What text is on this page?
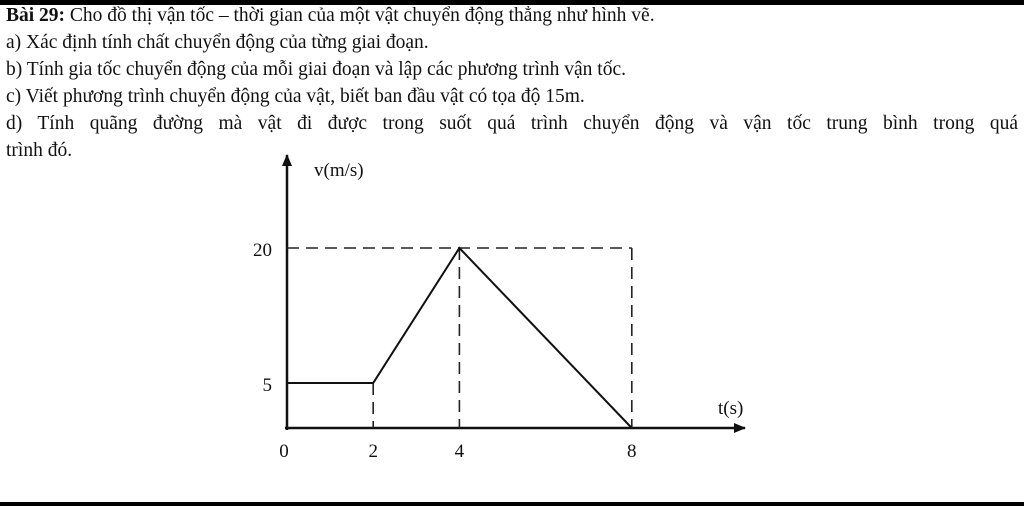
Bài 29: Cho đồ thị vận tốc – thời gian của một vật chuyển động thẳng như hình vẽ.
a) Xác định tính chất chuyển động của từng giai đoạn.
b) Tính gia tốc chuyển động của mỗi giai đoạn và lập các phương trình vận tốc.
c) Viết phương trình chuyển động của vật, biết ban đầu vật có tọa độ 15m.
d) Tính quãng đường mà vật đi được trong suốt quá trình chuyển động và vận tốc trung bình trong quá
trình đó.
v(m/s)
t(s)
0	2	4	8
5
20
